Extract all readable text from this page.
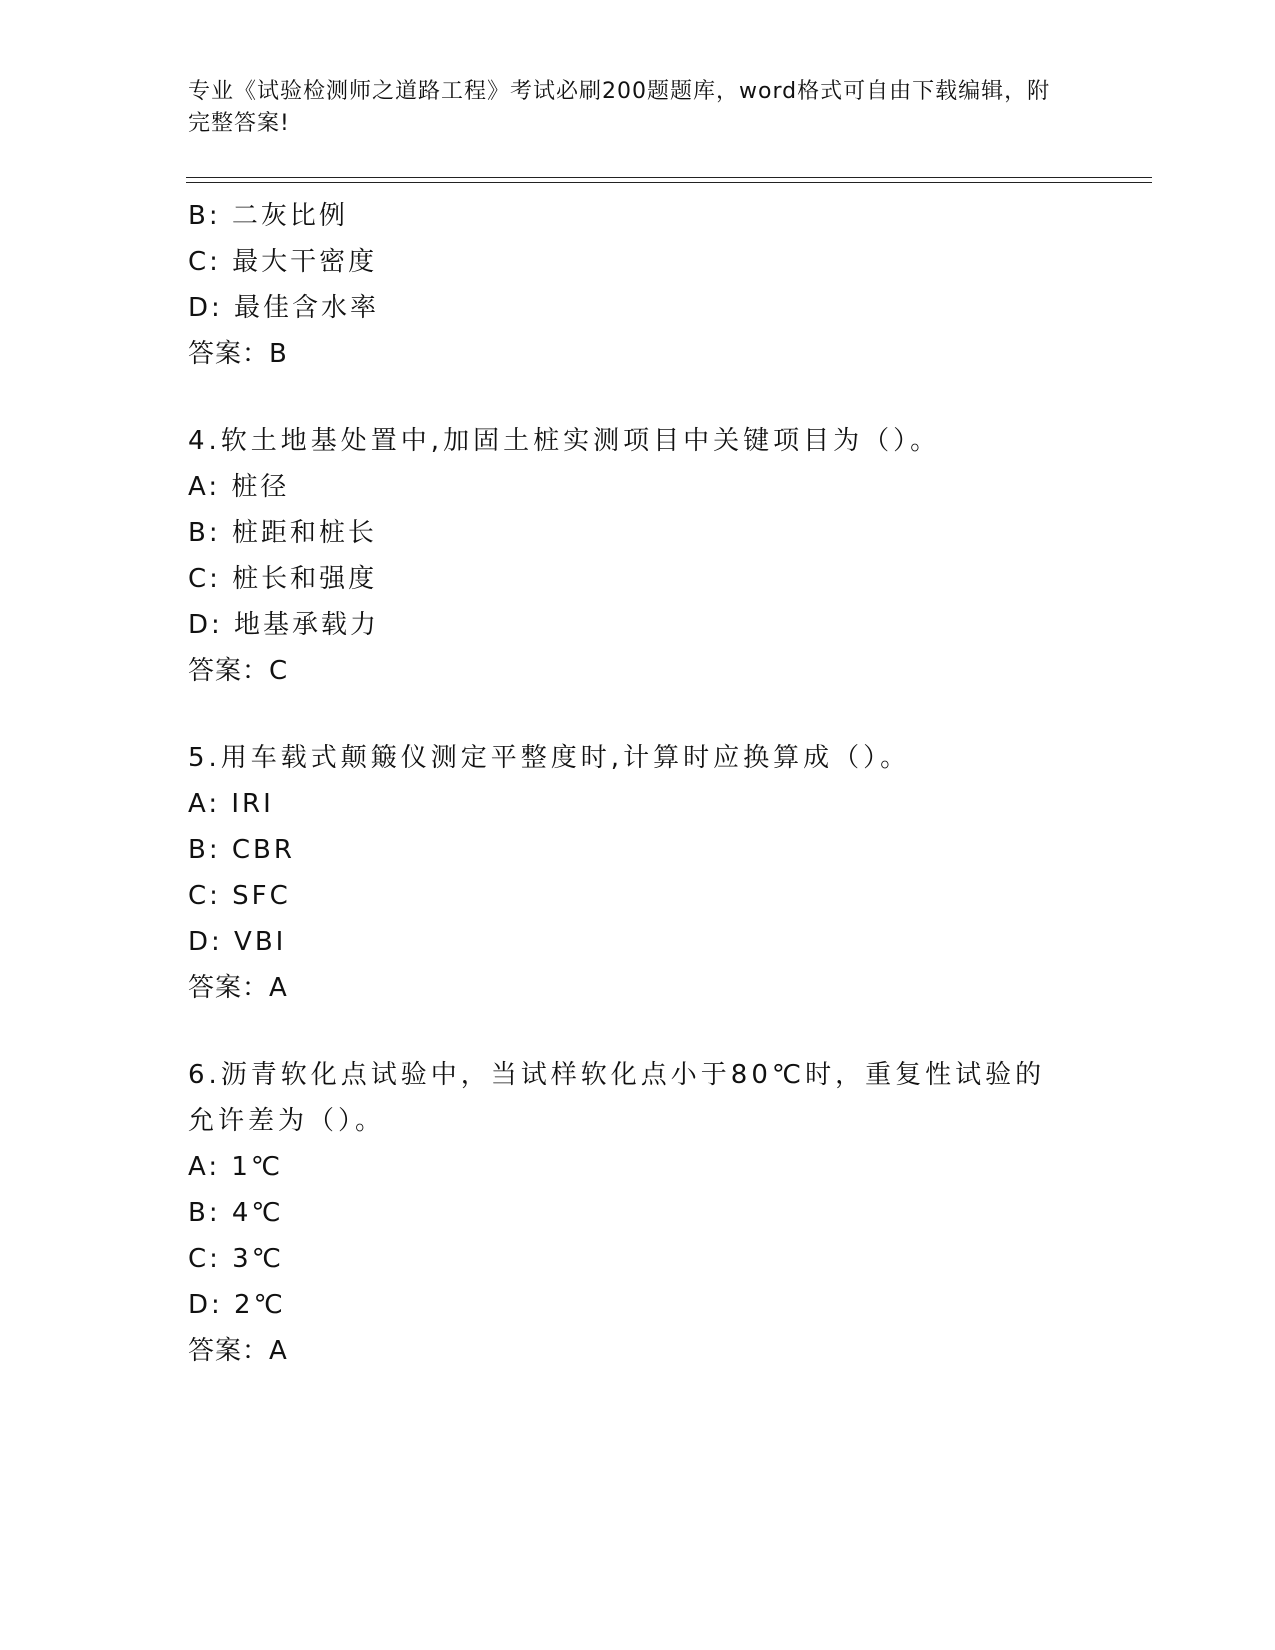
专业《试验检测师之道路工程》考试必刷200题题库，word格式可自由下载编辑，附完整答案!
B: 二灰比例
C: 最大干密度
D: 最佳含水率
答案：B
4.软土地基处置中,加固土桩实测项目中关键项目为（）。
A: 桩径
B: 桩距和桩长
C: 桩长和强度
D: 地基承载力
答案：C
5.用车载式颠簸仪测定平整度时,计算时应换算成（）。
A: IRI
B: CBR
C: SFC
D: VBI
答案：A
6.沥青软化点试验中，当试样软化点小于80℃时，重复性试验的允许差为（）。
A: 1℃
B: 4℃
C: 3℃
D: 2℃
答案：A
